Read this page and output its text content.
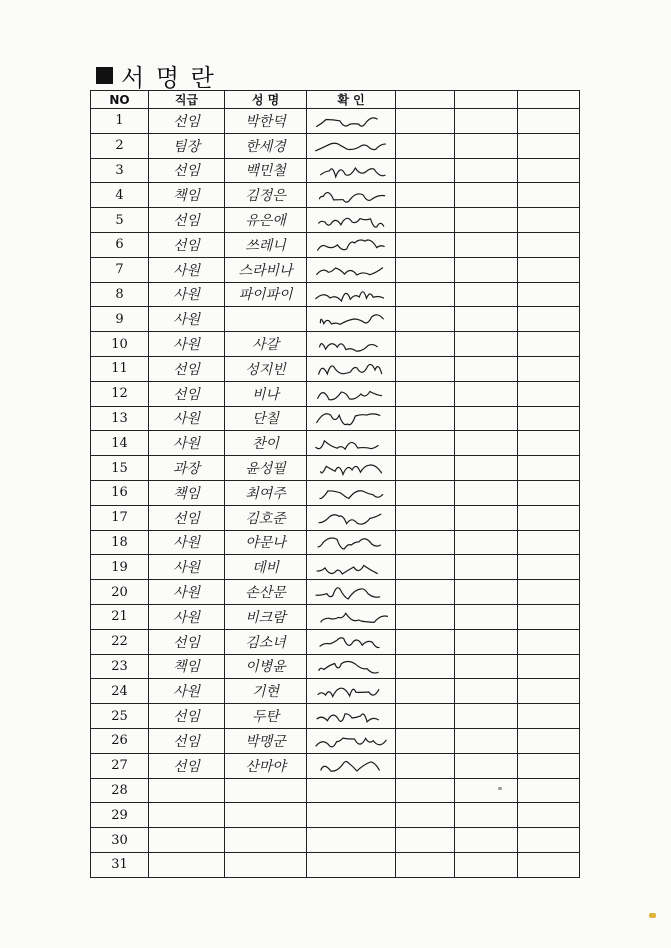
서 명 란
NO	직급	성 명	확 인			
1	선임	박한덕	

2	팀장	한세경	

3	선임	백민철	

4	책임	김정은	

5	선임	유은애	

6	선임	쓰레니	

7	사원	스라비나	

8	사원	파이파이	

9	사원		

10	사원	사갈	

11	선임	성지빈	

12	선임	비나	

13	사원	단칠	

14	사원	찬이	

15	과장	윤성필	

16	책임	최여주	

17	선임	김호준	

18	사원	야문나	

19	사원	데비	

20	사원	손산문	

21	사원	비크람	

22	선임	김소녀	

23	책임	이병윤	

24	사원	기현	

25	선임	두탄	

26	선임	박맹군	

27	선임	산마야	

28						
29						
30						
31						
